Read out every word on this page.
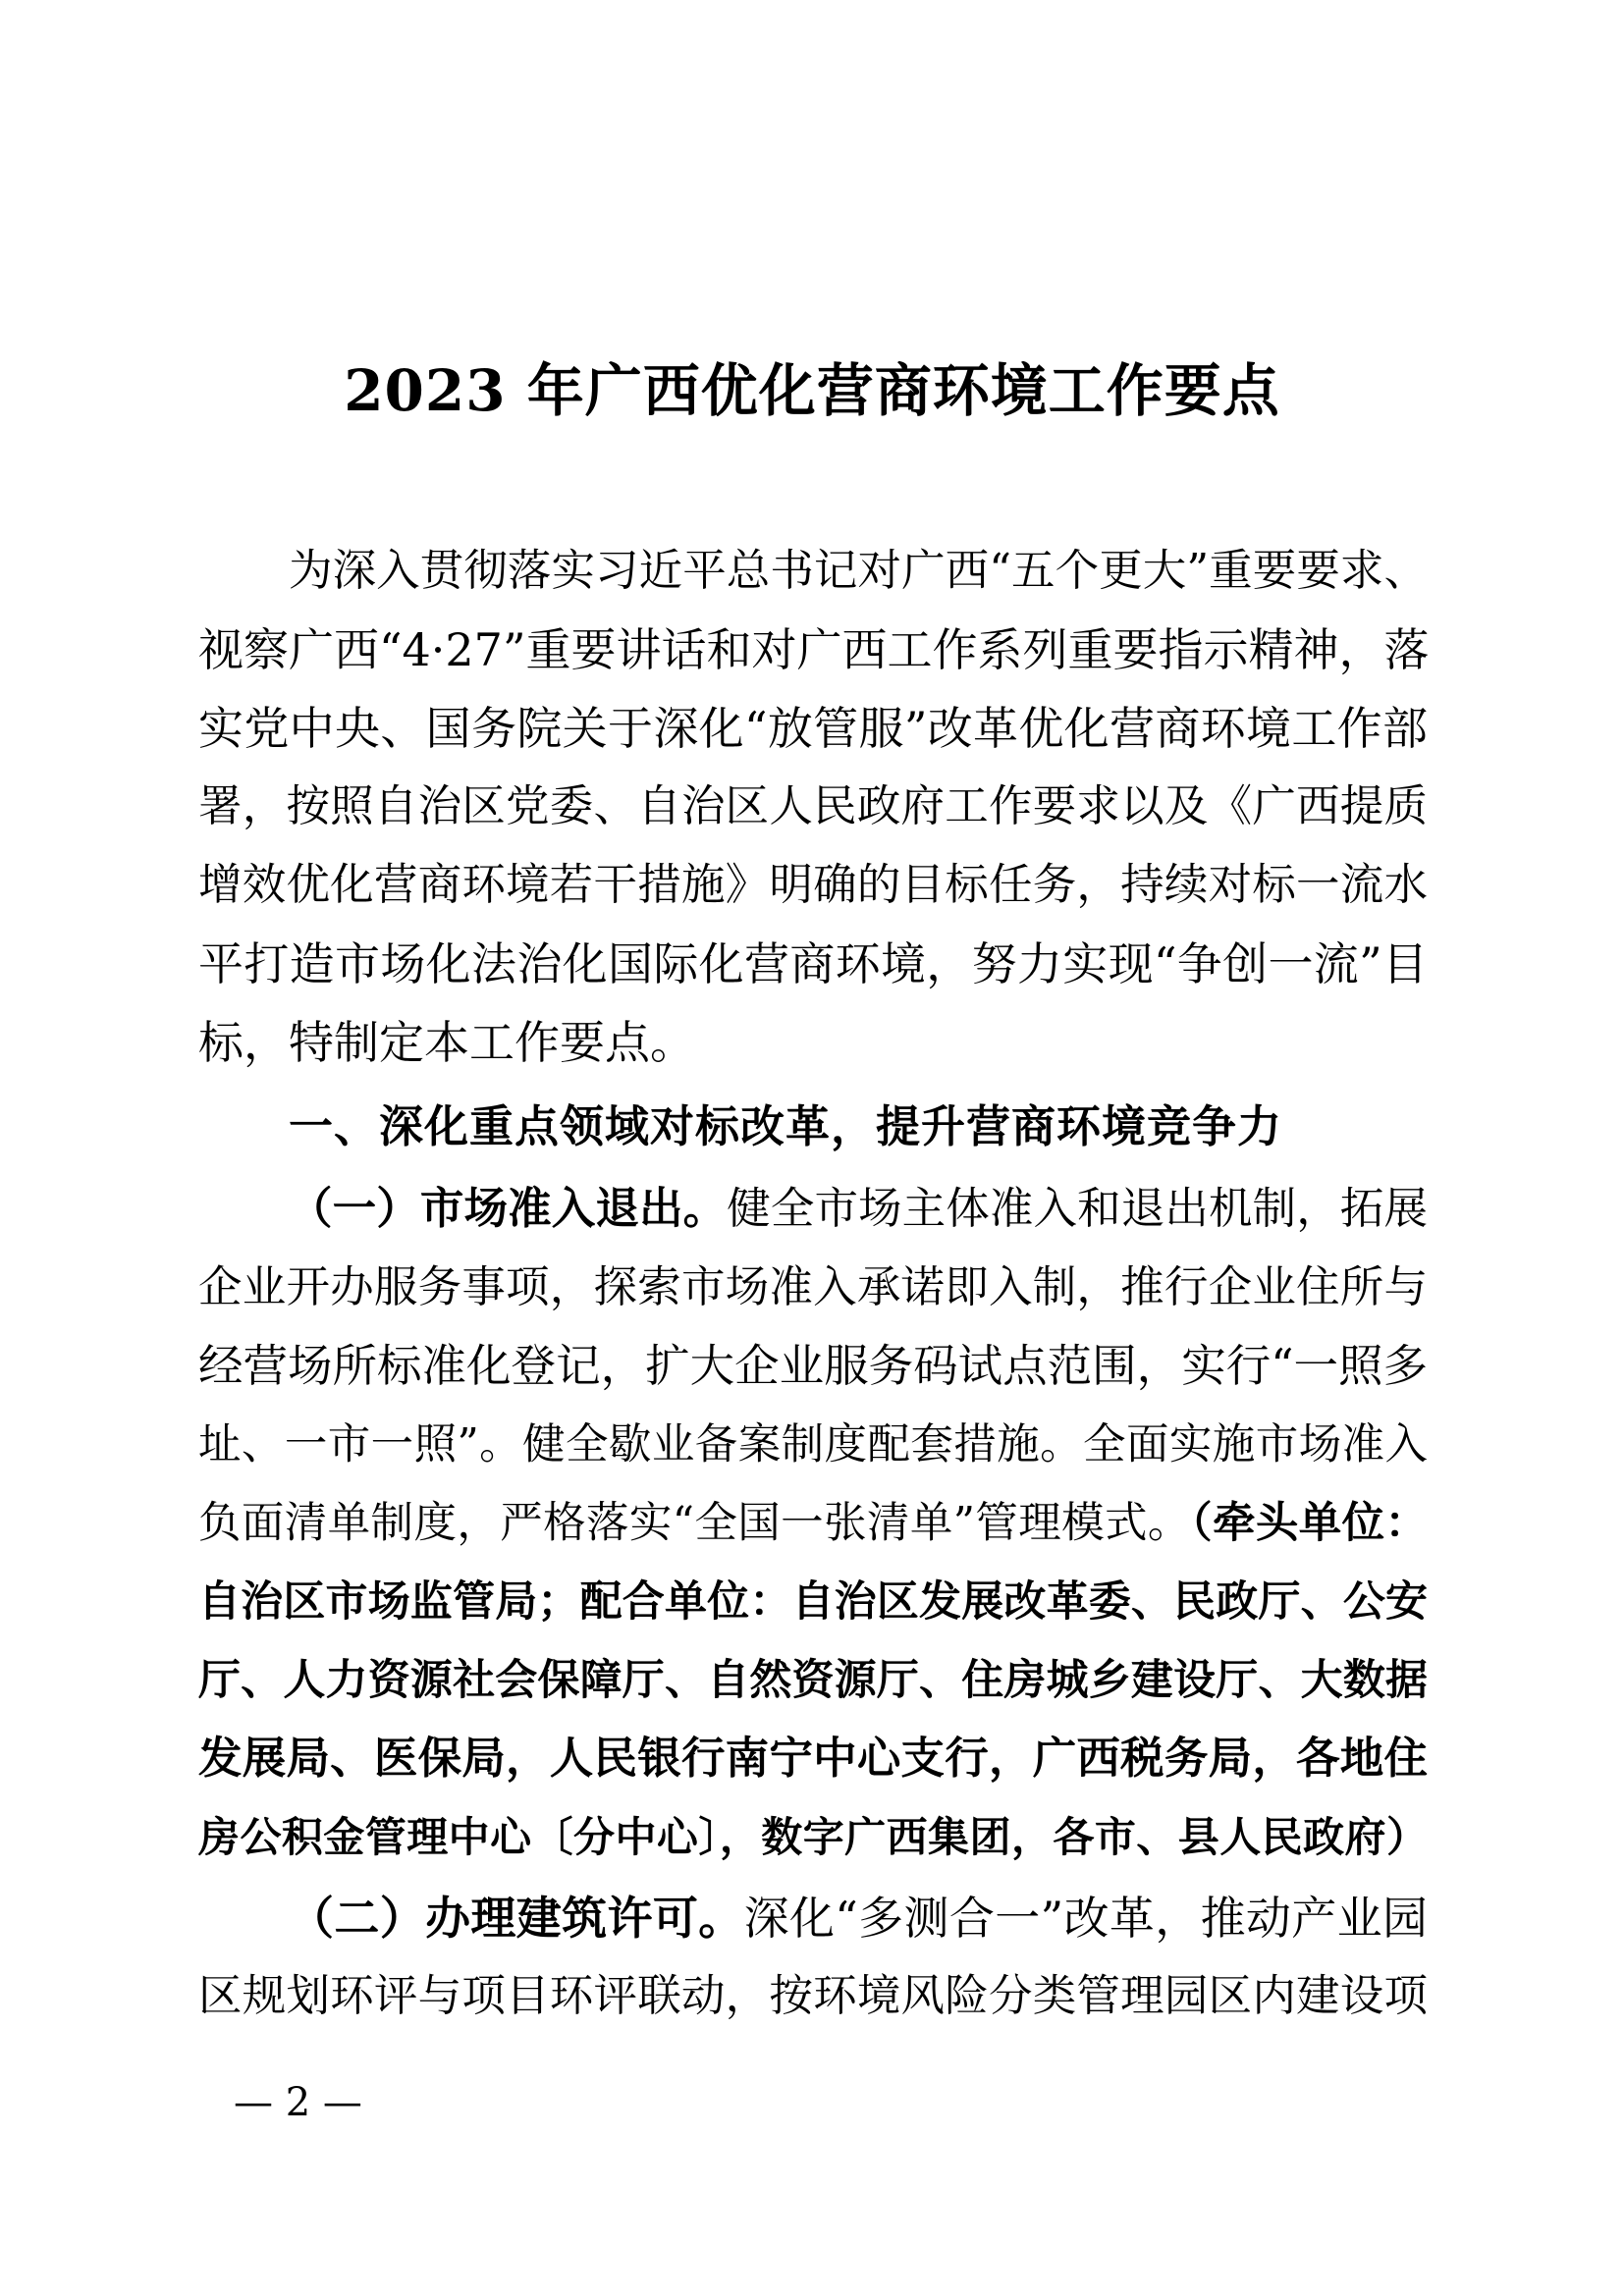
2023 年广西优化营商环境工作要点
为深入贯彻落实习近平总书记对广西“五个更大”重要要求、
视察广西“4·27”重要讲话和对广西工作系列重要指示精神，落
实党中央、国务院关于深化“放管服”改革优化营商环境工作部
署，按照自治区党委、自治区人民政府工作要求以及《广西提质
增效优化营商环境若干措施》明确的目标任务，持续对标一流水
平打造市场化法治化国际化营商环境，努力实现“争创一流”目
标，特制定本工作要点。
一、深化重点领域对标改革，提升营商环境竞争力
（一）市场准入退出。健全市场主体准入和退出机制，拓展
企业开办服务事项，探索市场准入承诺即入制，推行企业住所与
经营场所标准化登记，扩大企业服务码试点范围，实行“一照多
址、一市一照”。健全歇业备案制度配套措施。全面实施市场准入
负面清单制度，严格落实“全国一张清单”管理模式。（牵头单位：
自治区市场监管局；配合单位：自治区发展改革委、民政厅、公安
厅、人力资源社会保障厅、自然资源厅、住房城乡建设厅、大数据
发展局、医保局，人民银行南宁中心支行，广西税务局，各地住
房公积金管理中心〔分中心〕，数字广西集团，各市、县人民政府）
（二）办理建筑许可。深化“多测合一”改革，推动产业园
区规划环评与项目环评联动，按环境风险分类管理园区内建设项
— 2 —
